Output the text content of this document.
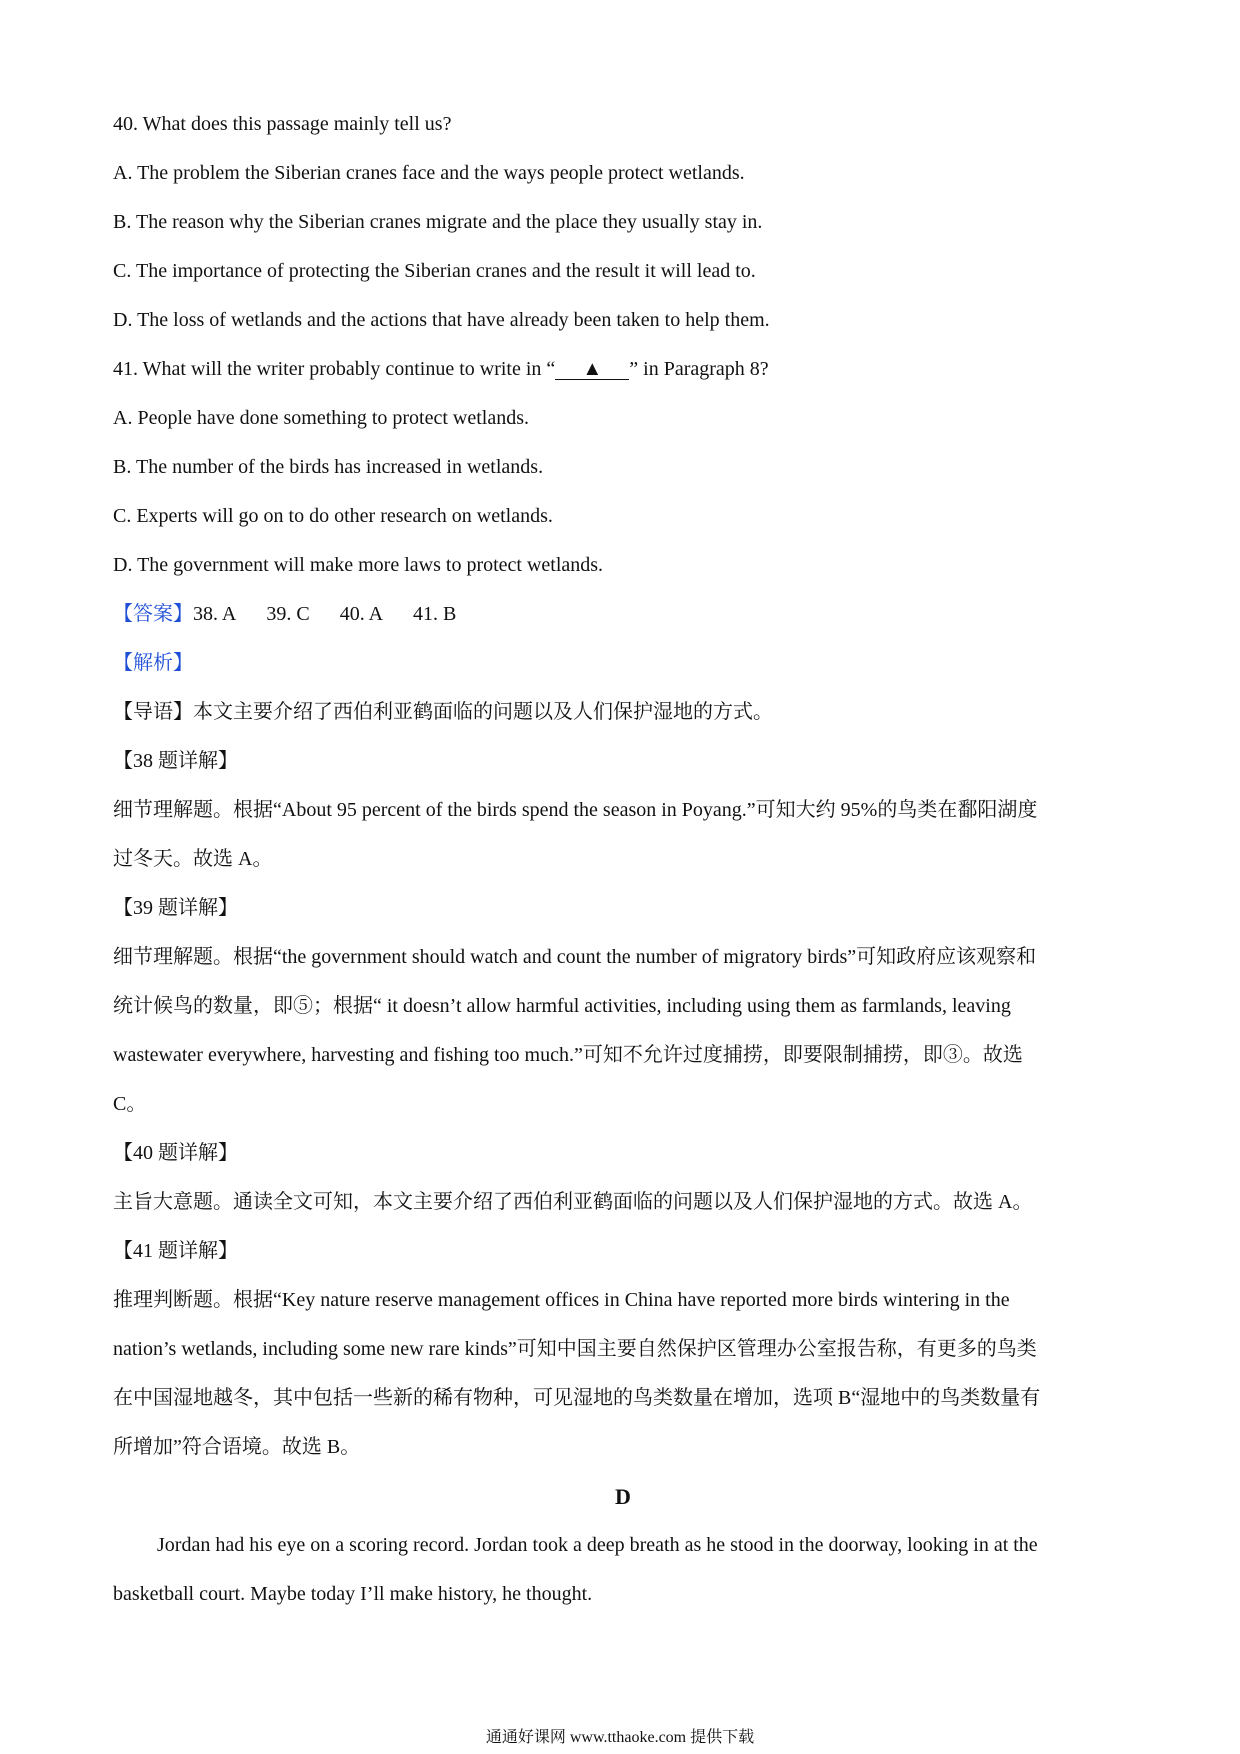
40. What does this passage mainly tell us?
A. The problem the Siberian cranes face and the ways people protect wetlands.
B. The reason why the Siberian cranes migrate and the place they usually stay in.
C. The importance of protecting the Siberian cranes and the result it will lead to.
D. The loss of wetlands and the actions that have already been taken to help them.
41. What will the writer probably continue to write in “ ▲ ” in Paragraph 8?
A. People have done something to protect wetlands.
B. The number of the birds has increased in wetlands.
C. Experts will go on to do other research on wetlands.
D. The government will make more laws to protect wetlands.
【答案】38. A 39. C 40. A 41. B
【解析】
【导语】本文主要介绍了西伯利亚鹤面临的问题以及人们保护湿地的方式。
【38 题详解】
细节理解题。根据“About 95 percent of the birds spend the season in Poyang.”可知大约 95%的鸟类在鄱阳湖度
过冬天。故选 A。
【39 题详解】
细节理解题。根据“the government should watch and count the number of migratory birds”可知政府应该观察和
统计候鸟的数量，即⑤；根据“ it doesn’t allow harmful activities, including using them as farmlands, leaving
wastewater everywhere, harvesting and fishing too much.”可知不允许过度捕捞，即要限制捕捞，即③。故选
C。
【40 题详解】
主旨大意题。通读全文可知，本文主要介绍了西伯利亚鹤面临的问题以及人们保护湿地的方式。故选 A。
【41 题详解】
推理判断题。根据“Key nature reserve management offices in China have reported more birds wintering in the
nation’s wetlands, including some new rare kinds”可知中国主要自然保护区管理办公室报告称，有更多的鸟类
在中国湿地越冬，其中包括一些新的稀有物种，可见湿地的鸟类数量在增加，选项 B“湿地中的鸟类数量有
所增加”符合语境。故选 B。
D
Jordan had his eye on a scoring record. Jordan took a deep breath as he stood in the doorway, looking in at the
basketball court. Maybe today I’ll make history, he thought.
通通好课网 www.tthaoke.com 提供下载
